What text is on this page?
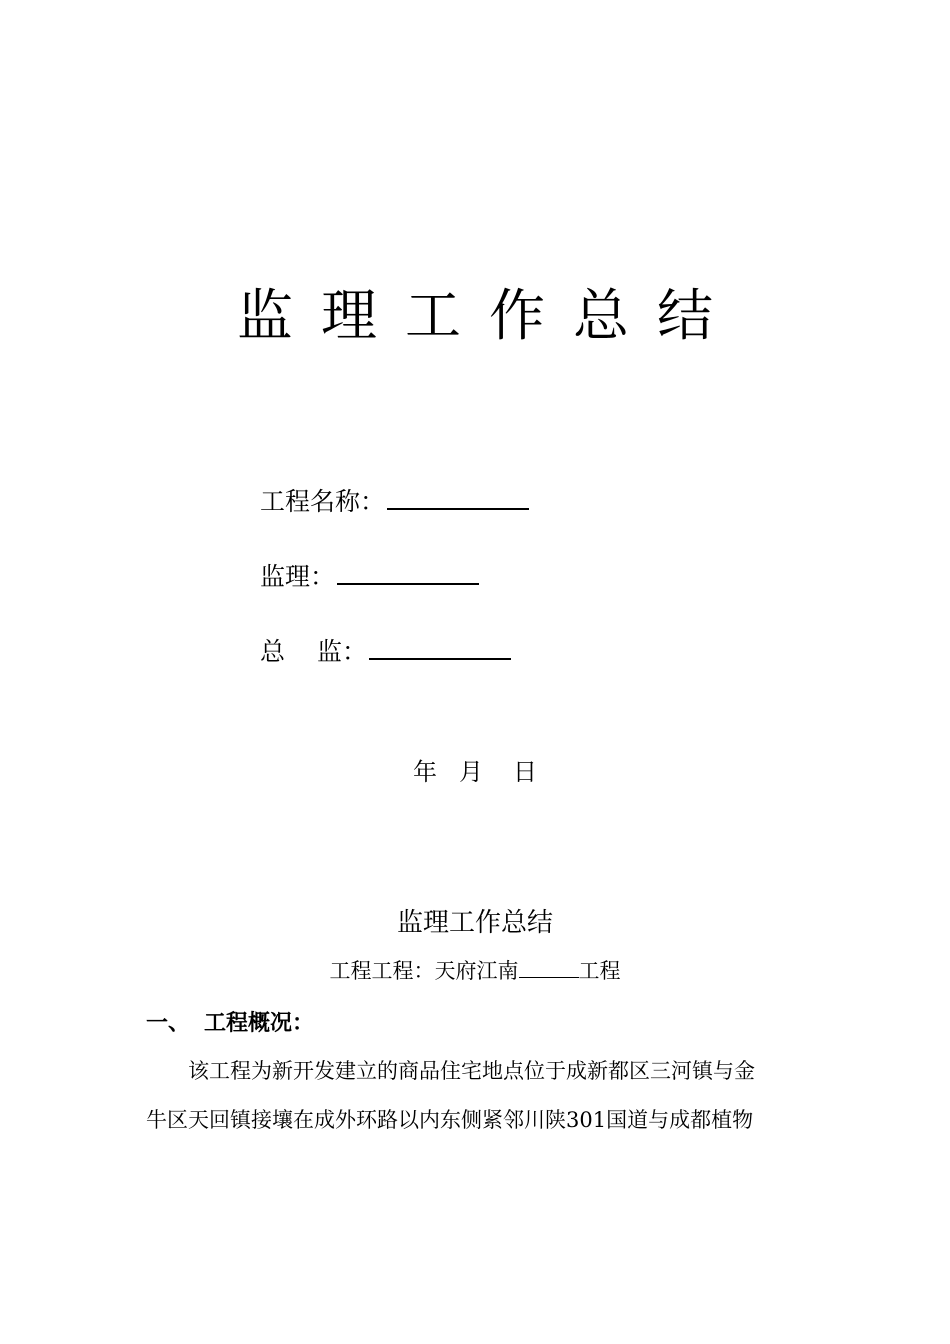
监理工作总结
工程名称：
监理：
总 监：
年 月 日
监理工作总结
工程工程：天府江南	工程
一、 工程概况：
该工程为新开发建立的商品住宅地点位于成新都区三河镇与金
牛区天回镇接壤在成外环路以内东侧紧邻川陕301国道与成都植物
